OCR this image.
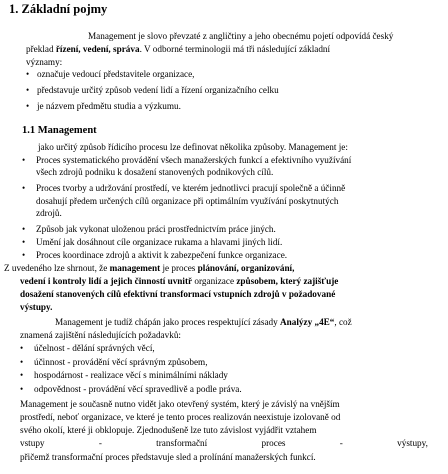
1. Základní pojmy
Management je slovo převzaté z angličtiny a jeho obecnému pojetí odpovídá český
překlad řízení, vedení, správa. V odborné terminologii má tři následující základní
významy:
• označuje vedoucí představitele organizace,
• představuje určitý způsob vedení lidí a řízení organizačního celku
• je názvem předmětu studia a výzkumu.
1.1 Management
jako určitý způsob řídicího procesu lze definovat několika způsoby. Management je:
• Proces systematického provádění všech manažerských funkcí a efektivního využívání
všech zdrojů podniku k dosažení stanovených podnikových cílů.
• Proces tvorby a udržování prostředí, ve kterém jednotlivci pracují společně a účinně
dosahují předem určených cílů organizace při optimálním využívání poskytnutých
zdrojů.
• Způsob jak vykonat uloženou práci prostřednictvím práce jiných.
• Umění jak dosáhnout cíle organizace rukama a hlavami jiných lidí.
• Proces koordinace zdrojů a aktivit k zabezpečení funkce organizace.
Z uvedeného lze shrnout, že management je proces plánování, organizování,
vedení i kontroly lidí a jejich činností uvnitř organizace způsobem, který zajišťuje
dosažení stanovených cílů efektivní transformací vstupních zdrojů v požadované
výstupy.
Management je tudíž chápán jako proces respektující zásady Analýzy „4E“, což
znamená zajištění následujících požadavků:
• účelnost - dělání správných věcí,
• účinnost - provádění věcí správným způsobem,
• hospodárnost - realizace věcí s minimálními náklady
• odpovědnost - provádění věcí spravedlivě a podle práva.
Management je současně nutno vidět jako otevřený systém, který je závislý na vnějším
prostředí, neboť organizace, ve které je tento proces realizován neexistuje izolovaně od
svého okolí, které ji obklopuje. Zjednodušeně lze tuto závislost vyjádřit vztahem
vstupy	-	transformační	proces	-	výstupy,
přičemž transformační proces představuje sled a prolínání manažerských funkcí.
